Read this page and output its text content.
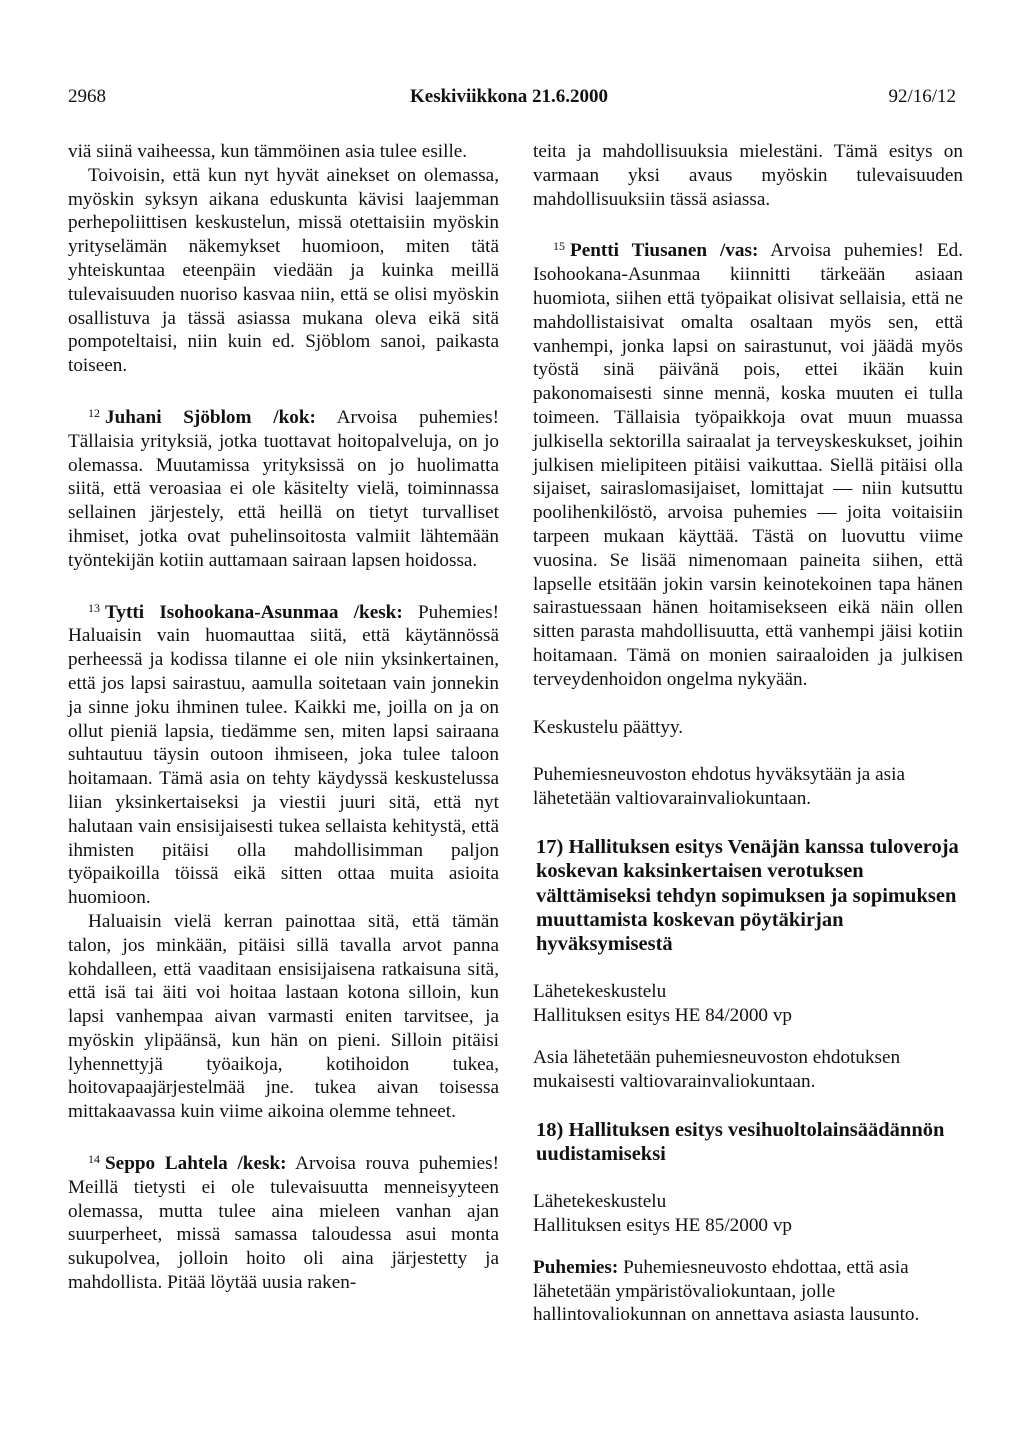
2968	Keskiviikkona 21.6.2000	92/16/12

viä siinä vaiheessa, kun tämmöinen asia tulee esille.

Toivoisin, että kun nyt hyvät ainekset on olemassa, myöskin syksyn aikana eduskunta kävisi laajemman perhepoliittisen keskustelun, missä otettaisiin myöskin yrityselämän näkemykset huomioon, miten tätä yhteiskuntaa eteenpäin viedään ja kuinka meillä tulevaisuuden nuoriso kasvaa niin, että se olisi myöskin osallistuva ja tässä asiassa mukana oleva eikä sitä pompoteltaisi, niin kuin ed. Sjöblom sanoi, paikasta toiseen.

$^{12}$ Juhani Sjöblom /kok: Arvoisa puhemies! Tällaisia yrityksiä, jotka tuottavat hoitopalveluja, on jo olemassa. Muutamissa yrityksissä on jo huolimatta siitä, että veroasiaa ei ole käsitelty vielä, toiminnassa sellainen järjestely, että heillä on tietyt turvalliset ihmiset, jotka ovat puhelinsoitosta valmiit lähtemään työntekijän kotiin auttamaan sairaan lapsen hoidossa.

$^{13}$ Tytti Isohookana-Asunmaa /kesk: Puhemies! Haluaisin vain huomauttaa siitä, että käytännössä perheessä ja kodissa tilanne ei ole niin yksinkertainen, että jos lapsi sairastuu, aamulla soitetaan vain jonnekin ja sinne joku ihminen tulee. Kaikki me, joilla on ja on ollut pieniä lapsia, tiedämme sen, miten lapsi sairaana suhtautuu täysin outoon ihmiseen, joka tulee taloon hoitamaan. Tämä asia on tehty käydyssä keskustelussa liian yksinkertaiseksi ja viestii juuri sitä, että nyt halutaan vain ensisijaisesti tukea sellaista kehitystä, että ihmisten pitäisi olla mahdollisimman paljon työpaikoilla töissä eikä sitten ottaa muita asioita huomioon.

Haluaisin vielä kerran painottaa sitä, että tämän talon, jos minkään, pitäisi sillä tavalla arvot panna kohdalleen, että vaaditaan ensisijaisena ratkaisuna sitä, että isä tai äiti voi hoitaa lastaan kotona silloin, kun lapsi vanhempaa aivan varmasti eniten tarvitsee, ja myöskin ylipäänsä, kun hän on pieni. Silloin pitäisi lyhennettyjä työaikoja, kotihoidon tukea, hoitovapaajärjestelmää jne. tukea aivan toisessa mittakaavassa kuin viime aikoina olemme tehneet.

$^{14}$ Seppo Lahtela /kesk: Arvoisa rouva puhemies! Meillä tietysti ei ole tulevaisuutta menneisyyteen olemassa, mutta tulee aina mieleen vanhan ajan suurperheet, missä samassa taloudessa asui monta sukupolvea, jolloin hoito oli aina järjestetty ja mahdollista. Pitää löytää uusia raken-

teita ja mahdollisuuksia mielestäni. Tämä esitys on varmaan yksi avaus myöskin tulevaisuuden mahdollisuuksiin tässä asiassa.

$^{15}$ Pentti Tiusanen /vas: Arvoisa puhemies! Ed. Isohookana-Asunmaa kiinnitti tärkeään asiaan huomiota, siihen että työpaikat olisivat sellaisia, että ne mahdollistaisivat omalta osaltaan myös sen, että vanhempi, jonka lapsi on sairastunut, voi jäädä myös työstä sinä päivänä pois, ettei ikään kuin pakonomaisesti sinne mennä, koska muuten ei tulla toimeen. Tällaisia työpaikkoja ovat muun muassa julkisella sektorilla sairaalat ja terveyskeskukset, joihin julkisen mielipiteen pitäisi vaikuttaa. Siellä pitäisi olla sijaiset, sairaslomasijaiset, lomittajat — niin kutsuttu poolihenkilöstö, arvoisa puhemies — joita voitaisiin tarpeen mukaan käyttää. Tästä on luovuttu viime vuosina. Se lisää nimenomaan paineita siihen, että lapselle etsitään jokin varsin keinotekoinen tapa hänen sairastuessaan hänen hoitamisekseen eikä näin ollen sitten parasta mahdollisuutta, että vanhempi jäisi kotiin hoitamaan. Tämä on monien sairaaloiden ja julkisen terveydenhoidon ongelma nykyään.

Keskustelu päättyy.

Puhemiesneuvoston ehdotus hyväksytään ja asia lähetetään valtiovarainvaliokuntaan.

17) Hallituksen esitys Venäjän kanssa tuloveroja koskevan kaksinkertaisen verotuksen välttämiseksi tehdyn sopimuksen ja sopimuksen muuttamista koskevan pöytäkirjan hyväksymisestä

Lähetekeskustelu

Hallituksen esitys HE 84/2000 vp

Asia lähetetään puhemiesneuvoston ehdotuksen mukaisesti valtiovarainvaliokuntaan.

18) Hallituksen esitys vesihuoltolainsäädännön uudistamiseksi

Lähetekeskustelu

Hallituksen esitys HE 85/2000 vp

Puhemies: Puhemiesneuvosto ehdottaa, että asia lähetetään ympäristövaliokuntaan, jolle hallintovaliokunnan on annettava asiasta lausunto.
